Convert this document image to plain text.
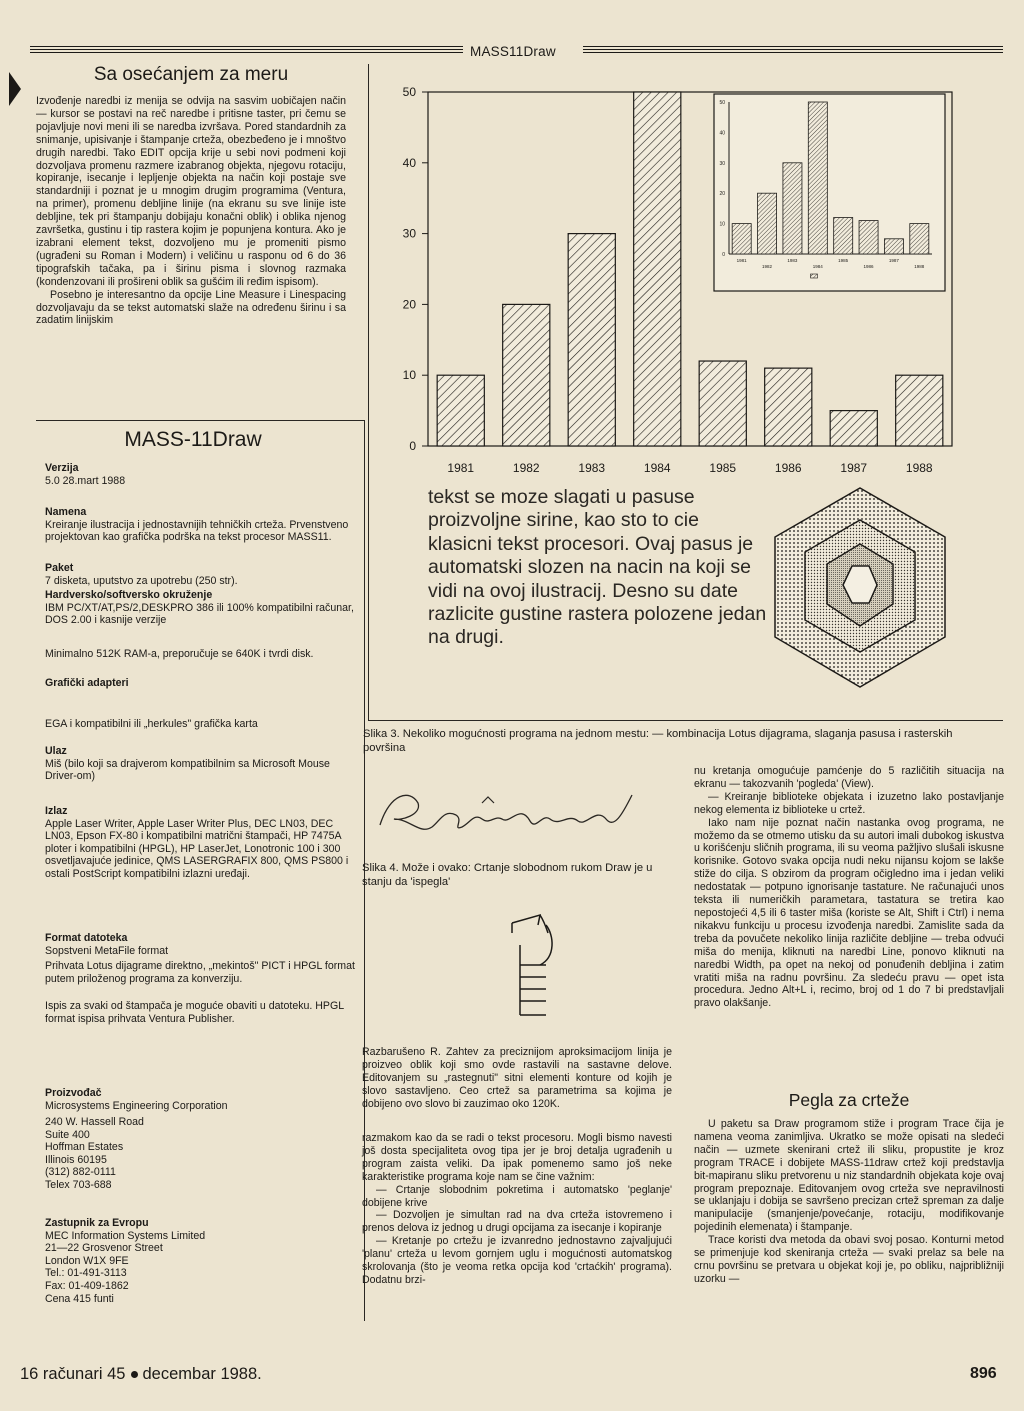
MASS11Draw
Sa osećanjem za meru

Izvođenje naredbi iz menija se odvija na sasvim uobičajen način — kursor se postavi na reč naredbe i pritisne taster, pri čemu se pojavljuje novi meni ili se naredba izvršava. Pored standardnih za snimanje, upisivanje i štampanje crteža, obezbeđeno je i mnoštvo drugih naredbi. Tako EDIT opcija krije u sebi novi podmeni koji dozvoljava promenu razmere izabranog objekta, njegovu rotaciju, kopiranje, isecanje i lepljenje objekta na način koji postaje sve standardniji i poznat je u mnogim drugim programima (Ventura, na primer), promenu debljine linije (na ekranu su sve linije iste debljine, tek pri štampanju dobijaju konačni oblik) i oblika njenog završetka, gustinu i tip rastera kojim je popunjena kontura. Ako je izabrani element tekst, dozvoljeno mu je promeniti pismo (ugrađeni su Roman i Modern) i veličinu u rasponu od 6 do 36 tipografskih tačaka, pa i širinu pisma i slovnog razmaka (kondenzovani ili prošireni oblik sa gušćim ili ređim ispisom).

Posebno je interesantno da opcije Line Measure i Linespacing dozvoljavaju da se tekst automatski slaže na određenu širinu i sa zadatim linijskim

MASS-11Draw
Verzija
5.0 28.mart 1988
Namena
Kreiranje ilustracija i jednostavnijih tehničkih crteža. Prvenstveno projektovan kao grafička podrška na tekst procesor MASS11.
Paket
7 disketa, uputstvo za upotrebu (250 str).
Hardversko/softversko okruženje
IBM PC/XT/AT,PS/2,DESKPRO 386 ili 100% kompatibilni računar, DOS 2.00 i kasnije verzije
Minimalno 512K RAM-a, preporučuje se 640K i tvrdi disk.
Grafički adapteri
EGA i kompatibilni ili „herkules" grafička karta
Ulaz
Miš (bilo koji sa drajverom kompatibilnim sa Microsoft Mouse Driver-om)
Izlaz
Apple Laser Writer, Apple Laser Writer Plus, DEC LN03, DEC LN03, Epson FX-80 i kompatibilni matrični štampači, HP 7475A ploter i kompatibilni (HPGL), HP LaserJet, Lonotronic 100 i 300 osvetljavajuće jedinice, QMS LASERGRAFIX 800, QMS PS800 i ostali PostScript kompatibilni izlazni uređaji.
Format datoteka
Sopstveni MetaFile format
Prihvata Lotus dijagrame direktno, „mekintoš" PICT i HPGL format putem priloženog programa za konverziju.
Ispis za svaki od štampača je moguće obaviti u datoteku. HPGL format ispisa prihvata Ventura Publisher.
Proizvođač
Microsystems Engineering Corporation
240 W. Hassell Road
Suite 400
Hoffman Estates
Illinois 60195
(312) 882-0111
Telex 703-688
Zastupnik za Evropu
MEC Information Systems Limited
21—22 Grosvenor Street
London W1X 9FE
Tel.: 01-491-3113
Fax: 01-409-1862
Cena 415 funti
0
10
20
30
40
50
1981	1982	1983	1984	1985	1986	1987	1988
0
10
20
30
40
50
1981
1982
1983
1984
1985
1986
1987
1988
tekst se moze slagati u pasuse proizvoljne sirine, kao sto to cie klasicni tekst procesori. Ovaj pasus je automatski slozen na nacin na koji se vidi na ovoj ilustracij. Desno su date razlicite gustine rastera polozene jedan na drugi.
Slika 3. Nekoliko mogućnosti programa na jednom mestu: — kombinacija Lotus dijagrama, slaganja pasusa i rasterskih površina
Računari
Slika 4. Može i ovako: Crtanje slobodnom rukom Draw je u stanju da 'ispegla'

Razbarušeno R. Zahtev za preciznijom aproksimacijom linija je proizveo oblik koji smo ovde rastavili na sastavne delove. Editovanjem su „rastegnuti" sitni elementi konture od kojih je slovo sastavljeno. Ceo crtež sa parametrima sa kojima je dobijeno ovo slovo bi zauzimao oko 120K.

razmakom kao da se radi o tekst procesoru. Mogli bismo navesti još dosta specijaliteta ovog tipa jer je broj detalja ugrađenih u program zaista veliki. Da ipak pomenemo samo još neke karakteristike programa koje nam se čine važnim:

— Crtanje slobodnim pokretima i automatsko 'peglanje' dobijene krive

— Dozvoljen je simultan rad na dva crteža istovremeno i prenos delova iz jednog u drugi opcijama za isecanje i kopiranje

— Kretanje po crtežu je izvanredno jednostavno zajvaljujući 'planu' crteža u levom gornjem uglu i mogućnosti automatskog skrolovanja (što je veoma retka opcija kod 'crtaćkih' programa). Dodatnu brzi-

nu kretanja omogućuje pamćenje do 5 različitih situacija na ekranu — takozvanih 'pogleda' (View).

— Kreiranje biblioteke objekata i izuzetno lako postavljanje nekog elementa iz biblioteke u crtež.

Iako nam nije poznat način nastanka ovog programa, ne možemo da se otmemo utisku da su autori imali dubokog iskustva u korišćenju sličnih programa, ili su veoma pažljivo slušali iskusne korisnike. Gotovo svaka opcija nudi neku nijansu kojom se lakše stiže do cilja. S obzirom da program očigledno ima i jedan veliki nedostatak — potpuno ignorisanje tastature. Ne računajući unos teksta ili numeričkih parametara, tastatura se tretira kao nepostojeći 4,5 ili 6 taster miša (koriste se Alt, Shift i Ctrl) i nema nikakvu funkciju u procesu izvođenja naredbi. Zamislite sada da treba da povučete nekoliko linija različite debljine — treba odvući miša do menija, kliknuti na naredbi Line, ponovo kliknuti na naredbi Width, pa opet na nekoj od ponuđenih debljina i zatim vratiti miša na radnu površinu. Za sledeću pravu — opet ista procedura. Jedno Alt+L i, recimo, broj od 1 do 7 bi predstavljali pravo olakšanje.

Pegla za crteže

U paketu sa Draw programom stiže i program Trace čija je namena veoma zanimljiva. Ukratko se može opisati na sledeći način — uzmete skenirani crtež ili sliku, propustite je kroz program TRACE i dobijete MASS-11draw crtež koji predstavlja bit-mapiranu sliku pretvorenu u niz standardnih objekata koje ovaj program prepoznaje. Editovanjem ovog crteža sve nepravilnosti se uklanjaju i dobija se savršeno precizan crtež spreman za dalje manipulacije (smanjenje/povećanje, rotaciju, modifikovanje pojedinih elemenata) i štampanje.

Trace koristi dva metoda da obavi svoj posao. Konturni metod se primenjuje kod skeniranja crteža — svaki prelaz sa bele na crnu površinu se pretvara u objekat koji je, po obliku, najpribližniji uzorku —

16 računari 45 decembar 1988.	896
